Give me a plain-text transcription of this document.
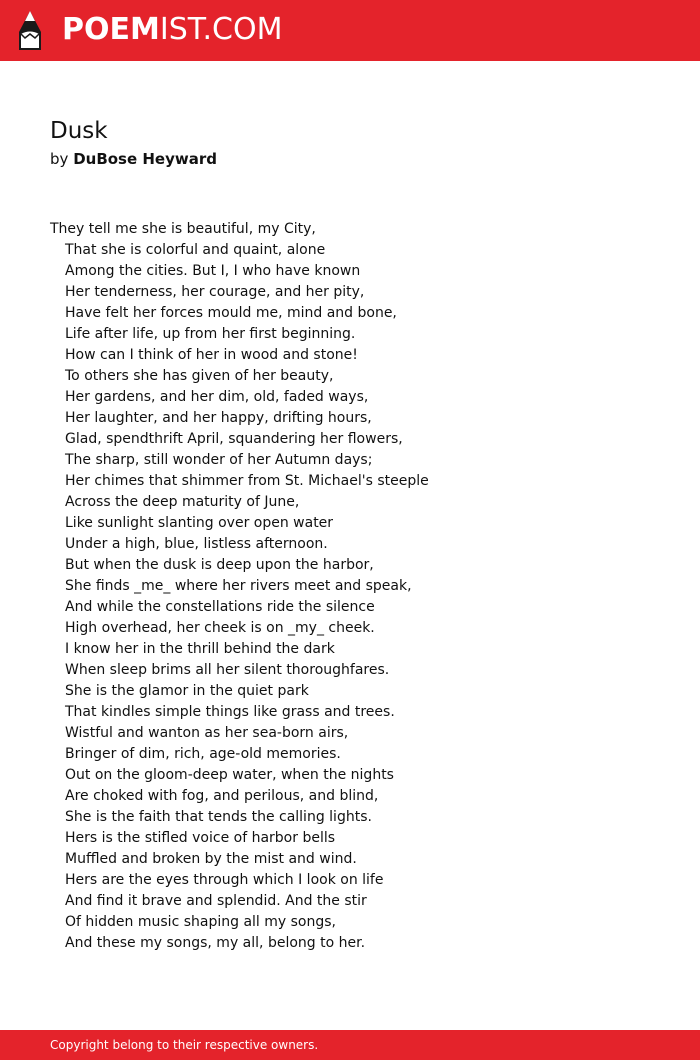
POEMIST.COM
Dusk
by DuBose Heyward
They tell me she is beautiful, my City,
That she is colorful and quaint, alone
Among the cities. But I, I who have known
Her tenderness, her courage, and her pity,
Have felt her forces mould me, mind and bone,
Life after life, up from her first beginning.
How can I think of her in wood and stone!
To others she has given of her beauty,
Her gardens, and her dim, old, faded ways,
Her laughter, and her happy, drifting hours,
Glad, spendthrift April, squandering her flowers,
The sharp, still wonder of her Autumn days;
Her chimes that shimmer from St. Michael's steeple
Across the deep maturity of June,
Like sunlight slanting over open water
Under a high, blue, listless afternoon.
But when the dusk is deep upon the harbor,
She finds _me_ where her rivers meet and speak,
And while the constellations ride the silence
High overhead, her cheek is on _my_ cheek.
I know her in the thrill behind the dark
When sleep brims all her silent thoroughfares.
She is the glamor in the quiet park
That kindles simple things like grass and trees.
Wistful and wanton as her sea-born airs,
Bringer of dim, rich, age-old memories.
Out on the gloom-deep water, when the nights
Are choked with fog, and perilous, and blind,
She is the faith that tends the calling lights.
Hers is the stifled voice of harbor bells
Muffled and broken by the mist and wind.
Hers are the eyes through which I look on life
And find it brave and splendid. And the stir
Of hidden music shaping all my songs,
And these my songs, my all, belong to her.
Copyright belong to their respective owners.
